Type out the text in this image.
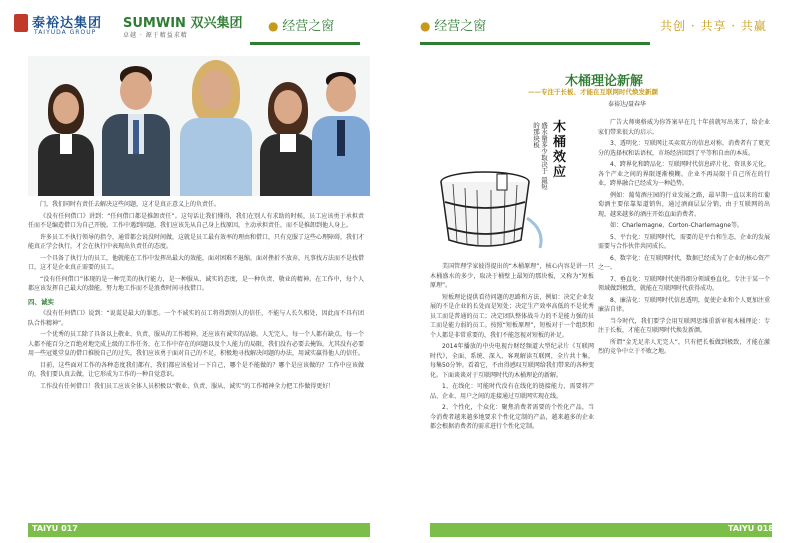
泰裕达集团
TAIYUDA GROUP
SUMWIN 双兴集团
卓越 · 源于精益求精
● 经营之窗	● 经营之窗	共创 · 共享 · 共赢

门，我们同时有责任去解决这些问题，这才是真正意义上的负责任。

《没有任何借口》讲到：“任何借口都是推卸责任”。这句话让我们懂得，我们在别人有求助的时候，员工应该勇于承担责任而不是编造借口为自己开脱。工作中遇到问题，我们应该先从自己身上找原因，主动承担责任，而不是推卸到他人身上。

许多员工不执行领导的指令，通常都会说没时间做，这就是员工最有效率的理由和借口，只有克服了这些心理障碍，我们才能真正学会执行，才会在执行中表现出负责任的态度。

一个具备了执行力的员工，他就能在工作中发挥出最大的效能，面对困难不退缩，面对挫折不放弃，凡事找方法而不是找借口，这才是企业真正需要的员工。

“没有任何借口”体现的是一种完美的执行能力，是一种服从、诚实的态度，是一种负责、敬业的精神。在工作中，每个人都应该发挥自己最大的潜能，努力地工作而不是浪费时间寻找借口。

四、诚实

《没有任何借口》说到：“说谎是最大的罪恶。一个不诚实的员工将得到别人的信任，不能与人长久相处，因此而不具有团队合作精神”。

一个优秀的员工除了具备以上敬业、负责、服从的工作精神，还应该有诚实的品德。人无完人，每一个人都有缺点，每一个人都不能百分之百绝对地完成上级的工作任务，在工作中存在的问题以及个人能力的局限，我们没有必要去掩饰，尤其没有必要用一些冠冕堂皇的借口推脱自己的过失，我们应该勇于面对自己的不足，积极地寻找解决问题的办法，用诚实赢得他人的信任。

目前，这些面对工作的各种态度我们都有，我们都应该检讨一下自己，哪个是不能做的？哪个是应该做的？工作中应该做的，我们要认真去做，让它形成为工作的一种自觉意识。

工作没有任何借口！我们员工应该全体人员积极以“敬业、负责、服从、诚实”的工作精神全力把工作做得更好！

木桶理论新解
——专注于长板、才能在互联网时代焕发新颜
泰裕达/聂春华
木桶效应
盛水量多少取决于 最短的那块板

美国管理学家彼得提出的“木桶原理”，核心内容是讲一只木桶盛水的多少，取决于桶壁上最短的那块板，又称为“短板原理”。

短板理论提供看待问题的思路和方法，例如：决定企业发展的不是企业的长处而是短处；决定生产效率高低的不是优秀员工而是普通的员工；决定团队整体战斗力的不是能力强的员工而是能力弱的员工。按照“短板原理”，短板对于一个组织和个人都是非常重要的，我们不能忽视对短板的补足。

2014年播放的中央电视台财经频道大型纪录片《互联网时代》，全面、系统、深入、客观解读互联网，全片共十集，每集50分钟。看着它，不由得感叹互联网给我们带来的各种变化。下面谈谈对于互联网时代的木桶理论的新解。

1、在线化：可能时代没有在线化的链接能力，需要将产品、企业、用户之间的连接通过互联网实现在线。

2、个性化，个众化：聚焦消费者需要的个性化产品，当今消费者越来越多地要求个性化定制的产品，越来越多的企业都会根据消费者的需求进行个性化定制。

广告大师奥格威为你答案早在几十年前就写出来了，给企业家们带来很大的启示。

3、透明化：互联网让买卖双方的信息对称，消费者有了更充分的选择权和话语权，市场经济回到了平等和自由的本质。

4、跨界化和跨品化：互联网时代信息碎片化、资讯多元化，各个产业之间的界限逐渐模糊，企业不再局限于自己所在的行业，跨界融合已经成为一种趋势。

例如：葡萄酒庄园的行业发展之路，最早期一直以来的红葡萄酒主要依靠渠道销售，通过酒商层层分销，由于互联网的出现，越来越多的酒庄开始直面消费者。

如：Charlemagne、Corton-Charlemagne等。

5、平台化：互联网时代，需要的是平台和生态，企业的发展需要与合作伙伴共同成长。

6、数字化：在互联网时代，数据已经成为了企业的核心资产之一。

7、垂直化：互联网时代使得细分领域垂直化，专注于某一个领域做到极致，就能在互联网时代获得成功。

8、廉洁化：互联网时代信息透明，促使企业和个人更加注重廉洁自律。

当今时代，我们要学会用互联网思维重新审视木桶理论：专注于长板，才能在互联网时代焕发新颜。

所谓“金无足赤人无完人”，只有把长板做到极致，才能在激烈的竞争中立于不败之地。

TAIYU 017	TAIYU 018
